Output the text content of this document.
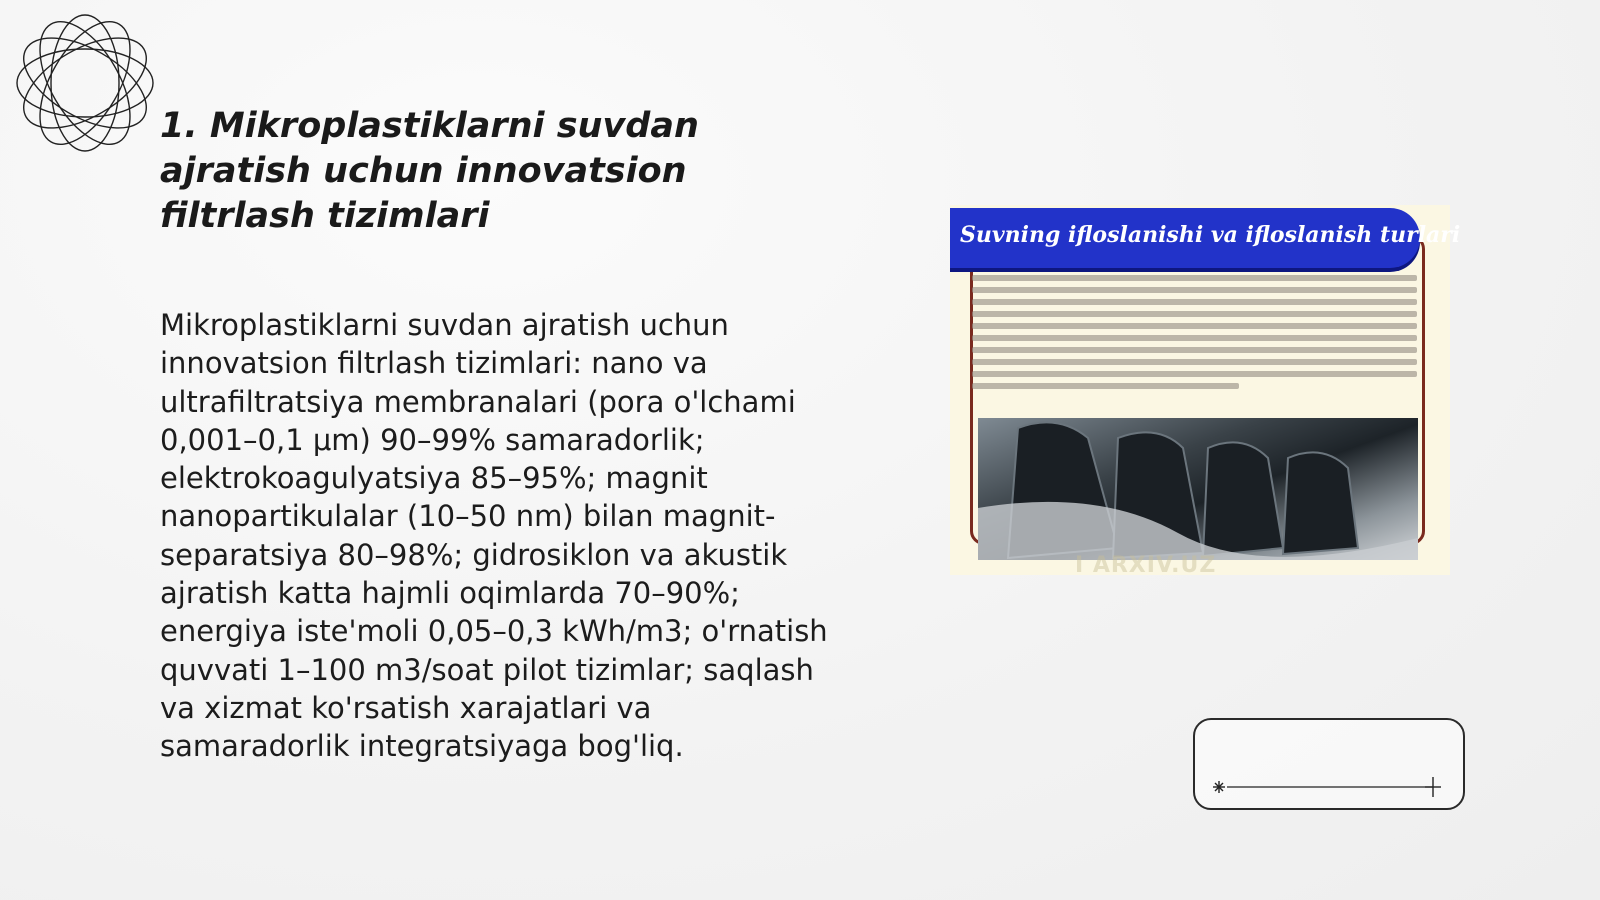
1. Mikroplastiklarni suvdan ajratish uchun innovatsion filtrlash tizimlari

Mikroplastiklarni suvdan ajratish uchun innovatsion filtrlash tizimlari: nano va ultrafiltratsiya membranalari (pora o'lchami 0,001–0,1 μm) 90–99% samaradorlik; elektrokoagulyatsiya 85–95%; magnit nanopartikulalar (10–50 nm) bilan magnit-separatsiya 80–98%; gidrosiklon va akustik ajratish katta hajmli oqimlarda 70–90%; energiya iste'moli 0,05–0,3 kWh/m3; o'rnatish quvvati 1–100 m3/soat pilot tizimlar; saqlash va xizmat ko'rsatish xarajatlari va samaradorlik integratsiyaga bog'liq.

Suvning ifloslanishi va ifloslanish turlari
I ARXIV.UZ
